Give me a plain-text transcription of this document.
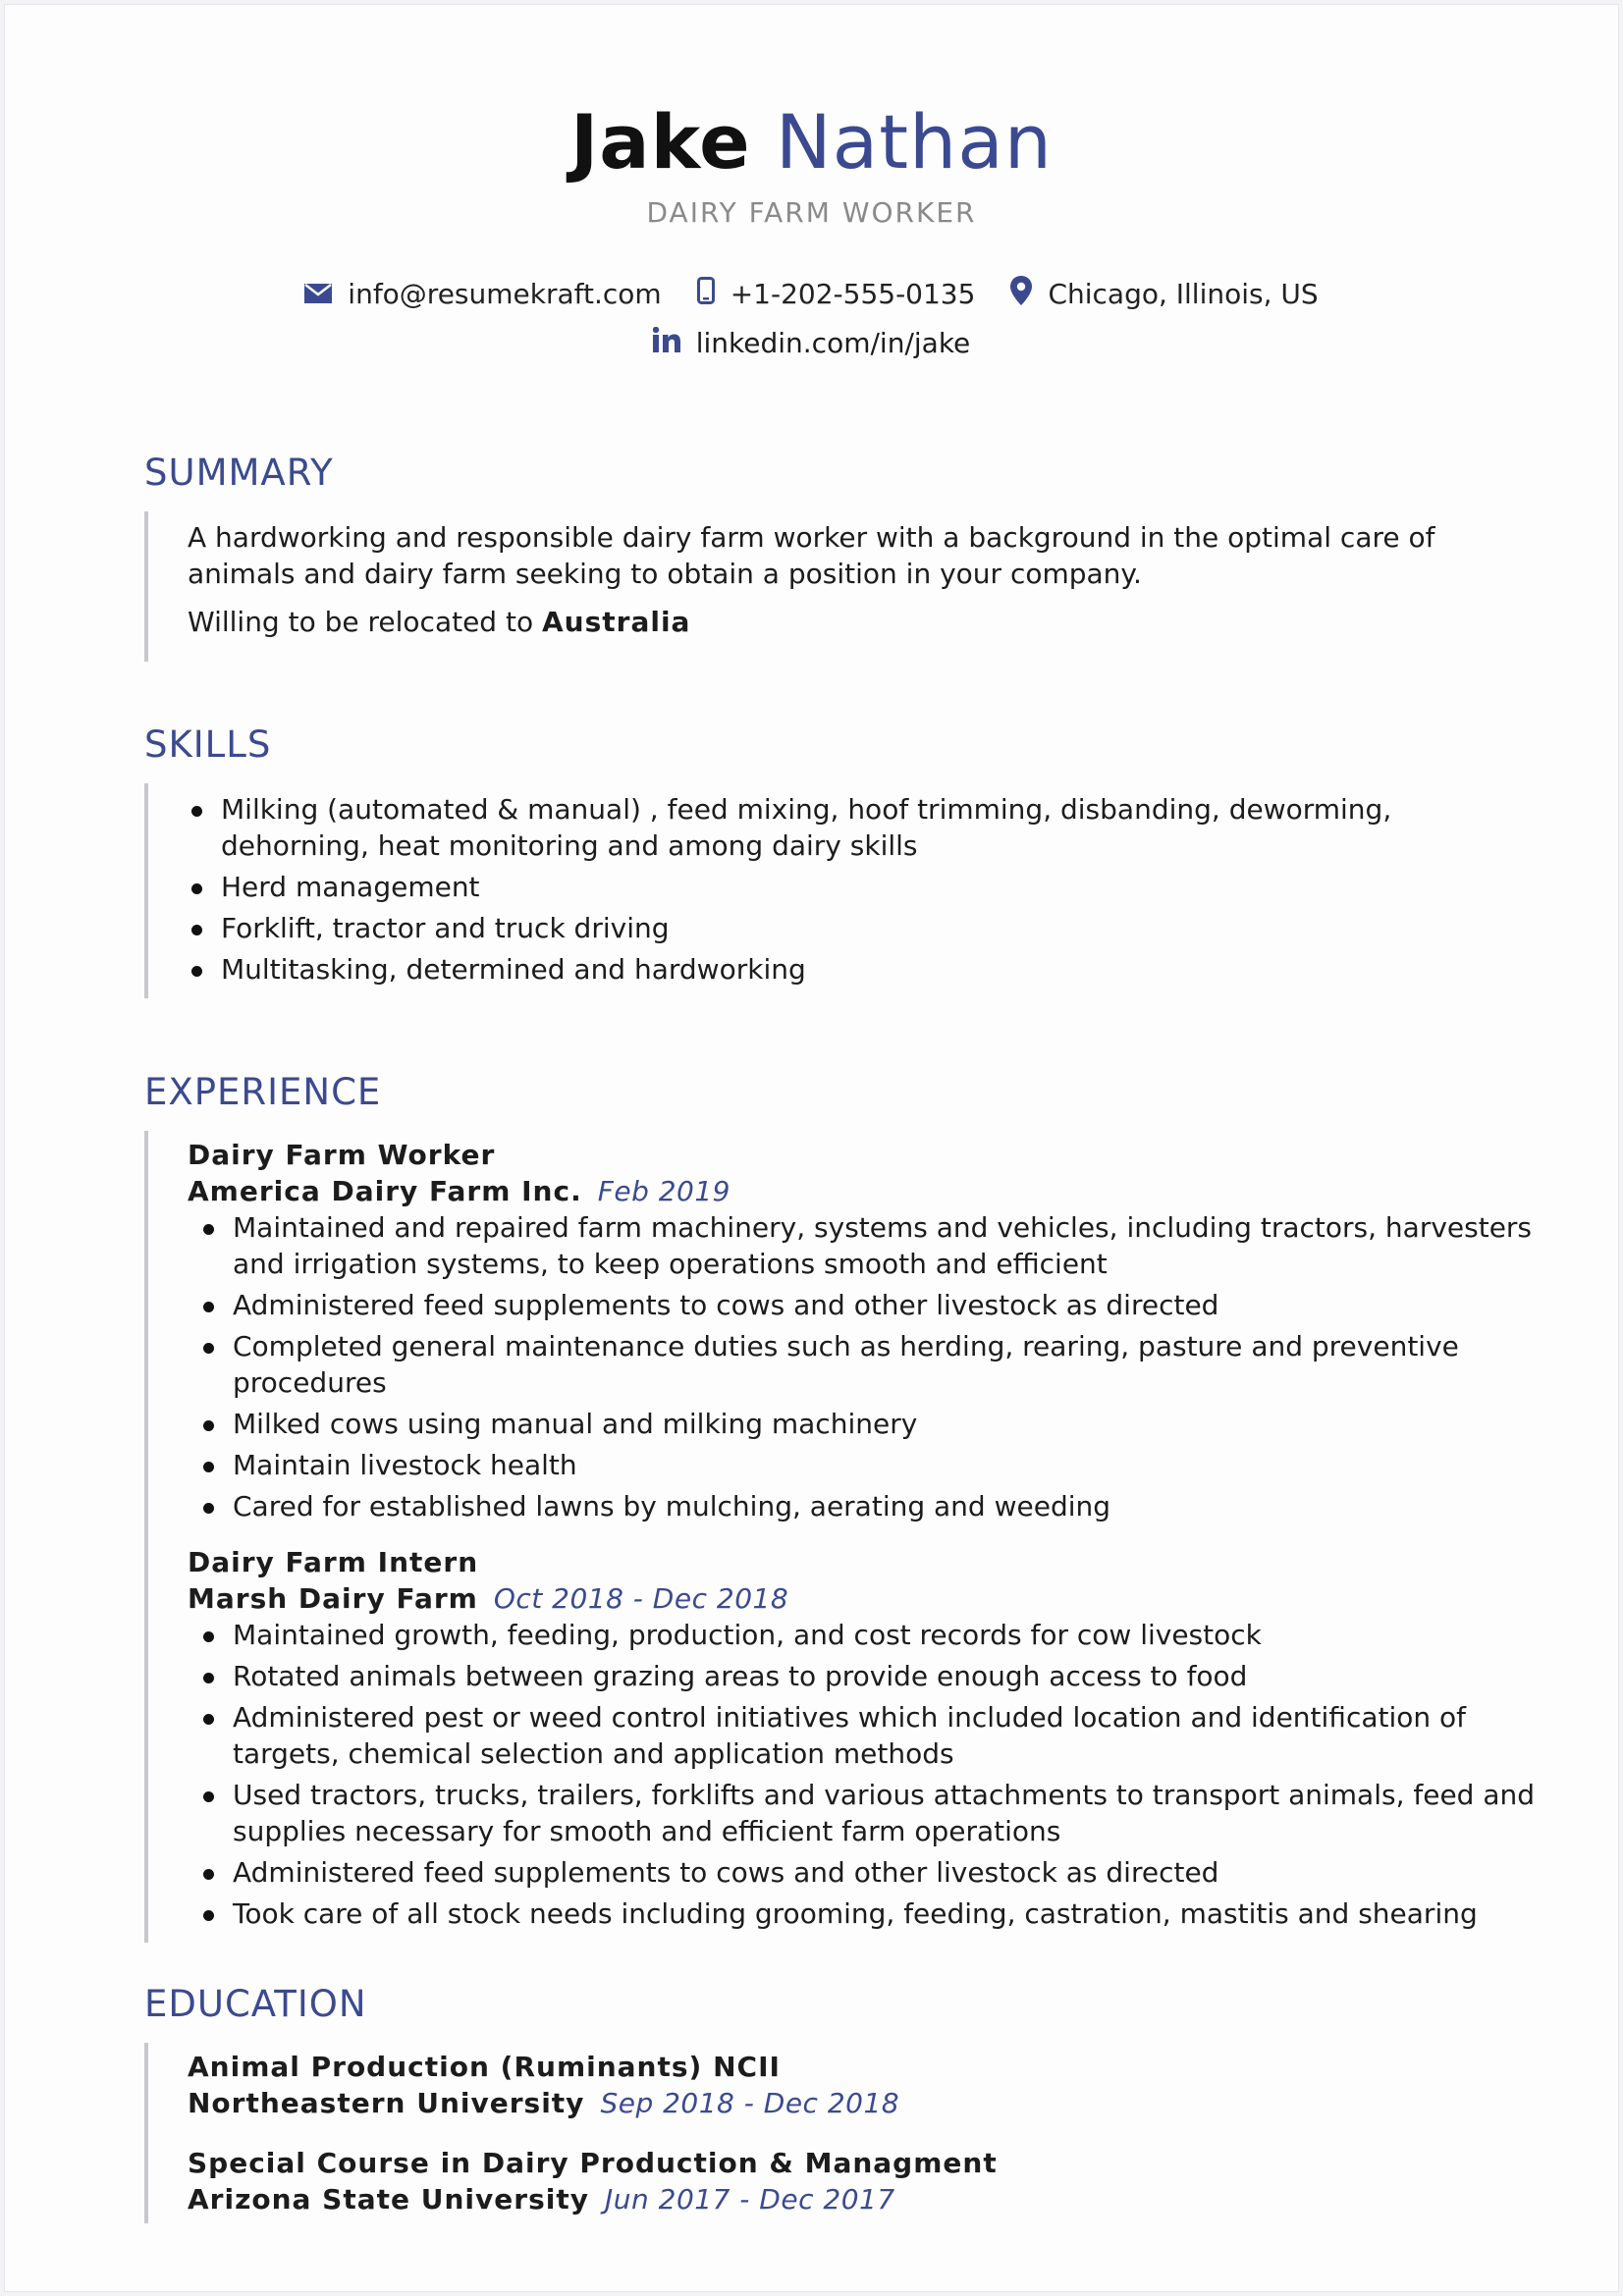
Jake Nathan
DAIRY FARM WORKER
info@resumekraft.com	+1-202-555-0135	Chicago, Illinois, US
linkedin.com/in/jake
SUMMARY

A hardworking and responsible dairy farm worker with a background in the optimal care of animals and dairy farm seeking to obtain a position in your company.

Willing to be relocated to Australia

SKILLS
Milking (automated & manual) , feed mixing, hoof trimming, disbanding, deworming, dehorning, heat monitoring and among dairy skills
Herd management
Forklift, tractor and truck driving
Multitasking, determined and hardworking
EXPERIENCE
Dairy Farm Worker
America Dairy Farm Inc. Feb 2019
Maintained and repaired farm machinery, systems and vehicles, including tractors, harvesters and irrigation systems, to keep operations smooth and efficient
Administered feed supplements to cows and other livestock as directed
Completed general maintenance duties such as herding, rearing, pasture and preventive procedures
Milked cows using manual and milking machinery
Maintain livestock health
Cared for established lawns by mulching, aerating and weeding
Dairy Farm Intern
Marsh Dairy Farm Oct 2018 - Dec 2018
Maintained growth, feeding, production, and cost records for cow livestock
Rotated animals between grazing areas to provide enough access to food
Administered pest or weed control initiatives which included location and identification of targets, chemical selection and application methods
Used tractors, trucks, trailers, forklifts and various attachments to transport animals, feed and supplies necessary for smooth and efficient farm operations
Administered feed supplements to cows and other livestock as directed
Took care of all stock needs including grooming, feeding, castration, mastitis and shearing
EDUCATION
Animal Production (Ruminants) NCII
Northeastern University Sep 2018 - Dec 2018
Special Course in Dairy Production & Managment
Arizona State University Jun 2017 - Dec 2017
